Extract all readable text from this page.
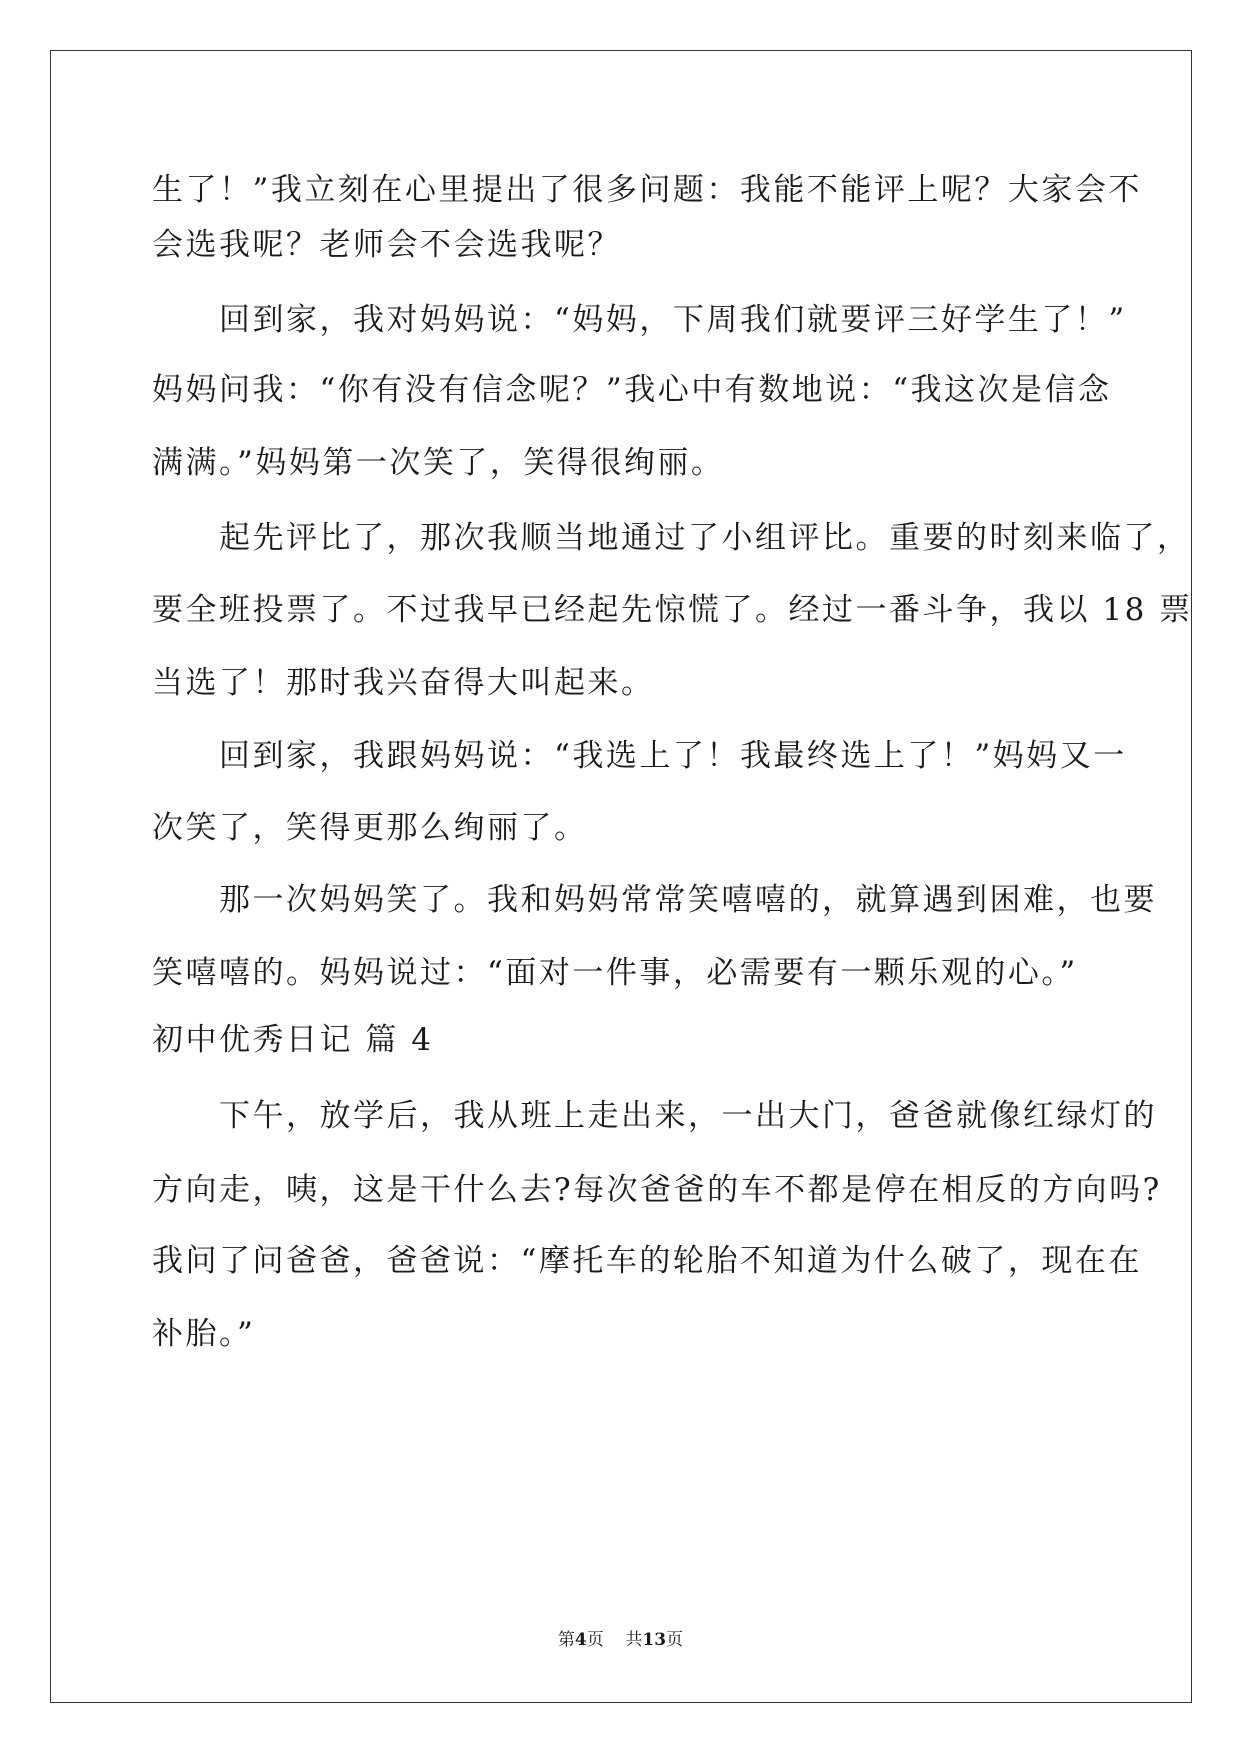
生了！”我立刻在心里提出了很多问题：我能不能评上呢？大家会不
会选我呢？老师会不会选我呢？
　　回到家，我对妈妈说：“妈妈，下周我们就要评三好学生了！”
妈妈问我：“你有没有信念呢？”我心中有数地说：“我这次是信念
满满。”妈妈第一次笑了，笑得很绚丽。
　　起先评比了，那次我顺当地通过了小组评比。重要的时刻来临了，
要全班投票了。不过我早已经起先惊慌了。经过一番斗争，我以 18 票
当选了！那时我兴奋得大叫起来。
　　回到家，我跟妈妈说：“我选上了！我最终选上了！”妈妈又一
次笑了，笑得更那么绚丽了。
　　那一次妈妈笑了。我和妈妈常常笑嘻嘻的，就算遇到困难，也要
笑嘻嘻的。妈妈说过：“面对一件事，必需要有一颗乐观的心。”
初中优秀日记 篇 4
　　下午，放学后，我从班上走出来，一出大门，爸爸就像红绿灯的
方向走，咦，这是干什么去?每次爸爸的车不都是停在相反的方向吗?
我问了问爸爸，爸爸说：“摩托车的轮胎不知道为什么破了，现在在
补胎。”
第4页 共13页
